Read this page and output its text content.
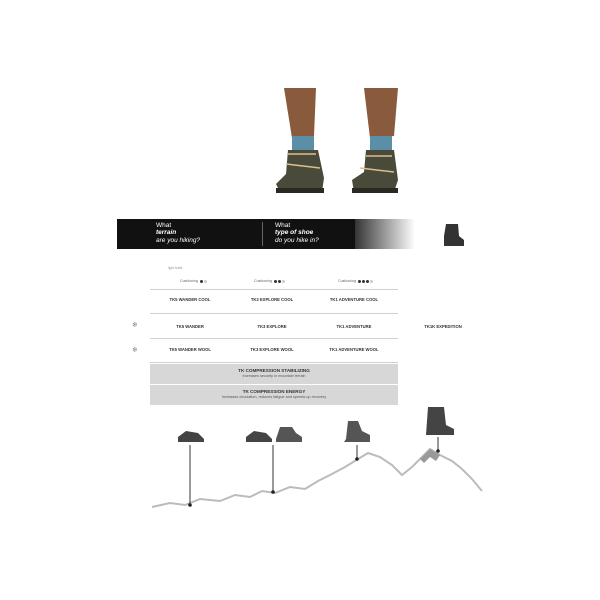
What
terrain
are you hiking?
What
type of shoe
do you hike in?
light trails
Cushioning	Cushioning	Cushioning
TK5 WANDER COOL	TK3 EXPLORE COOL	TK1 ADVENTURE COOL
❄	TK5 WANDER	TK3 EXPLORE	TK1 ADVENTURE	TK1K EXPEDITION
❄	TK5 WANDER WOOL	TK3 EXPLORE WOOL	TK1 ADVENTURE WOOL
TK COMPRESSION STABILIZING
Increases security in mountain terrain
TK COMPRESSION ENERGY
Increases circulation, reduces fatigue and speeds up recovery
